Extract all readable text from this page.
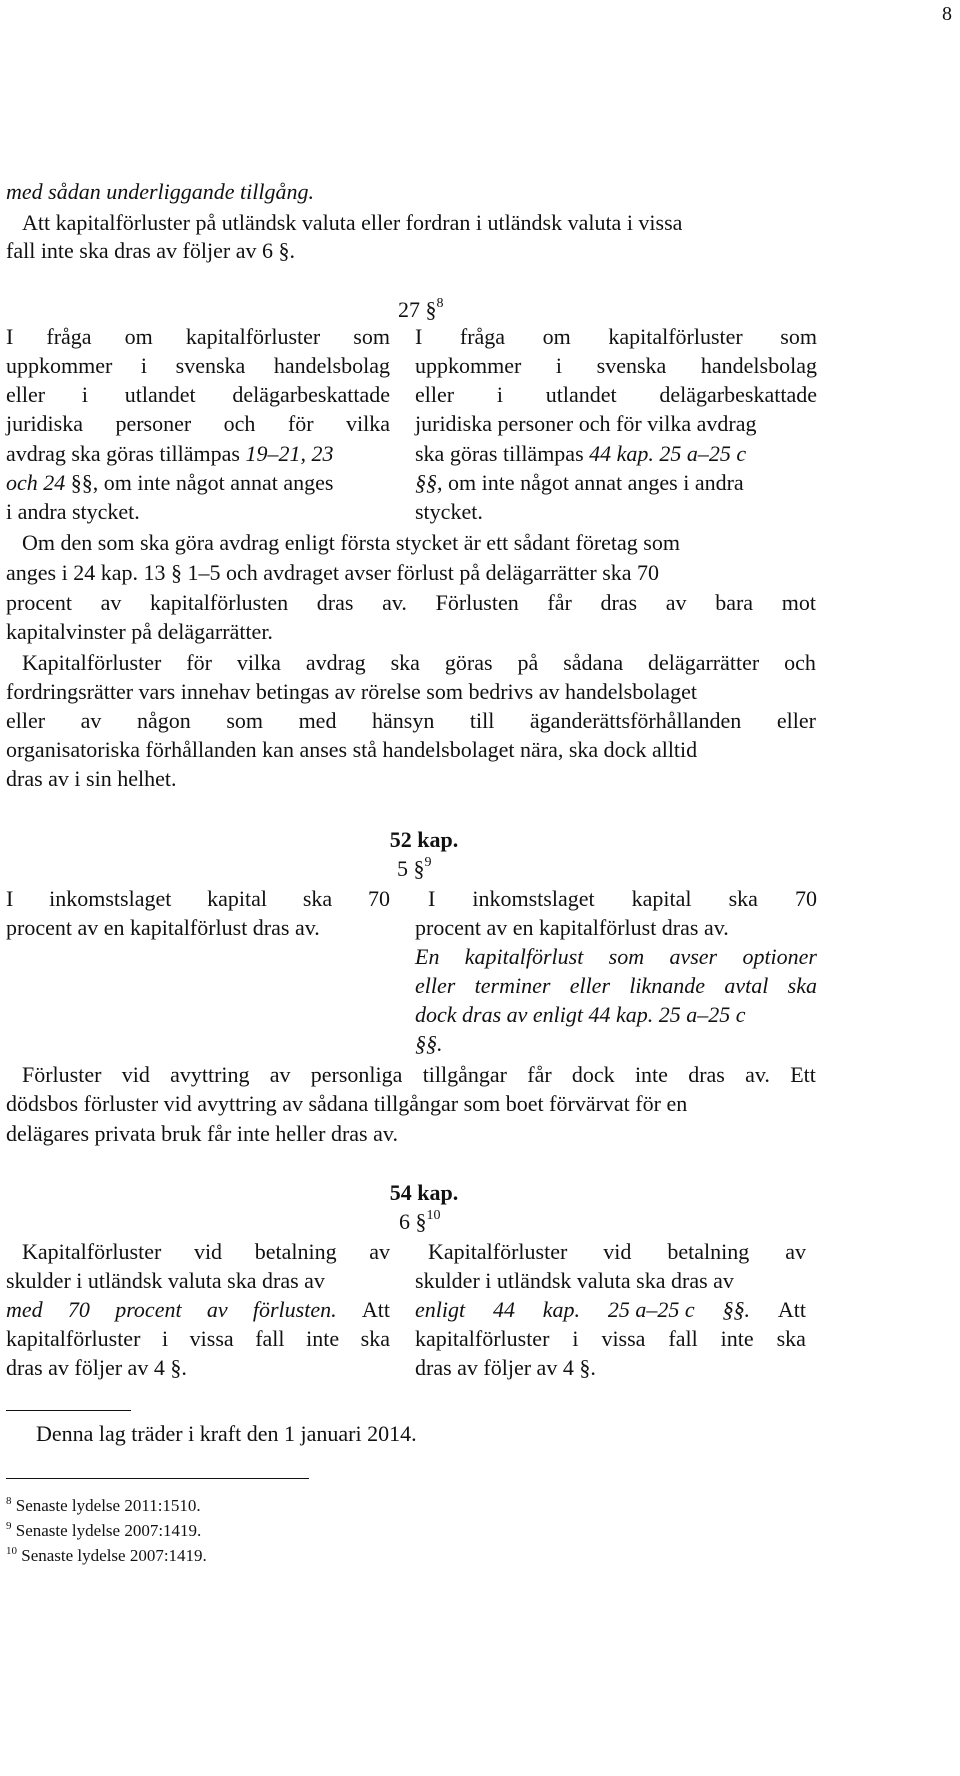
8
med sådan underliggande tillgång.
Att kapitalförluster på utländsk valuta eller fordran i utländsk valuta i vissa
fall inte ska dras av följer av 6 §.
27 §$^8$
I fråga om kapitalförluster som
uppkommer i svenska handelsbolag
eller i utlandet delägarbeskattade
juridiska personer och för vilka
avdrag ska göras tillämpas 19–21, 23
och 24 §§, om inte något annat anges
i andra stycket.
I fråga om kapitalförluster som
uppkommer i svenska handelsbolag
eller i utlandet delägarbeskattade
juridiska personer och för vilka avdrag
ska göras tillämpas 44 kap. 25 a–25 c
§§, om inte något annat anges i andra
stycket.
Om den som ska göra avdrag enligt första stycket är ett sådant företag som
anges i 24 kap. 13 § 1–5 och avdraget avser förlust på delägarrätter ska 70
procent av kapitalförlusten dras av. Förlusten får dras av bara mot
kapitalvinster på delägarrätter.
Kapitalförluster för vilka avdrag ska göras på sådana delägarrätter och
fordringsrätter vars innehav betingas av rörelse som bedrivs av handelsbolaget
eller av någon som med hänsyn till äganderättsförhållanden eller
organisatoriska förhållanden kan anses stå handelsbolaget nära, ska dock alltid
dras av i sin helhet.
52 kap.
5 §$^9$
I inkomstslaget kapital ska 70
procent av en kapitalförlust dras av.
I inkomstslaget kapital ska 70
procent av en kapitalförlust dras av.
En kapitalförlust som avser optioner
eller terminer eller liknande avtal ska
dock dras av enligt 44 kap. 25 a–25 c
§§.
Förluster vid avyttring av personliga tillgångar får dock inte dras av. Ett
dödsbos förluster vid avyttring av sådana tillgångar som boet förvärvat för en
delägares privata bruk får inte heller dras av.
54 kap.
6 §$^{10}$
Kapitalförluster vid betalning av
skulder i utländsk valuta ska dras av
med 70 procent av förlusten. Att
kapitalförluster i vissa fall inte ska
dras av följer av 4 §.
Kapitalförluster vid betalning av
skulder i utländsk valuta ska dras av
enligt 44 kap. 25 a–25 c §§. Att
kapitalförluster i vissa fall inte ska
dras av följer av 4 §.
Denna lag träder i kraft den 1 januari 2014.
$^8$ Senaste lydelse 2011:1510.
$^9$ Senaste lydelse 2007:1419.
$^{10}$ Senaste lydelse 2007:1419.
